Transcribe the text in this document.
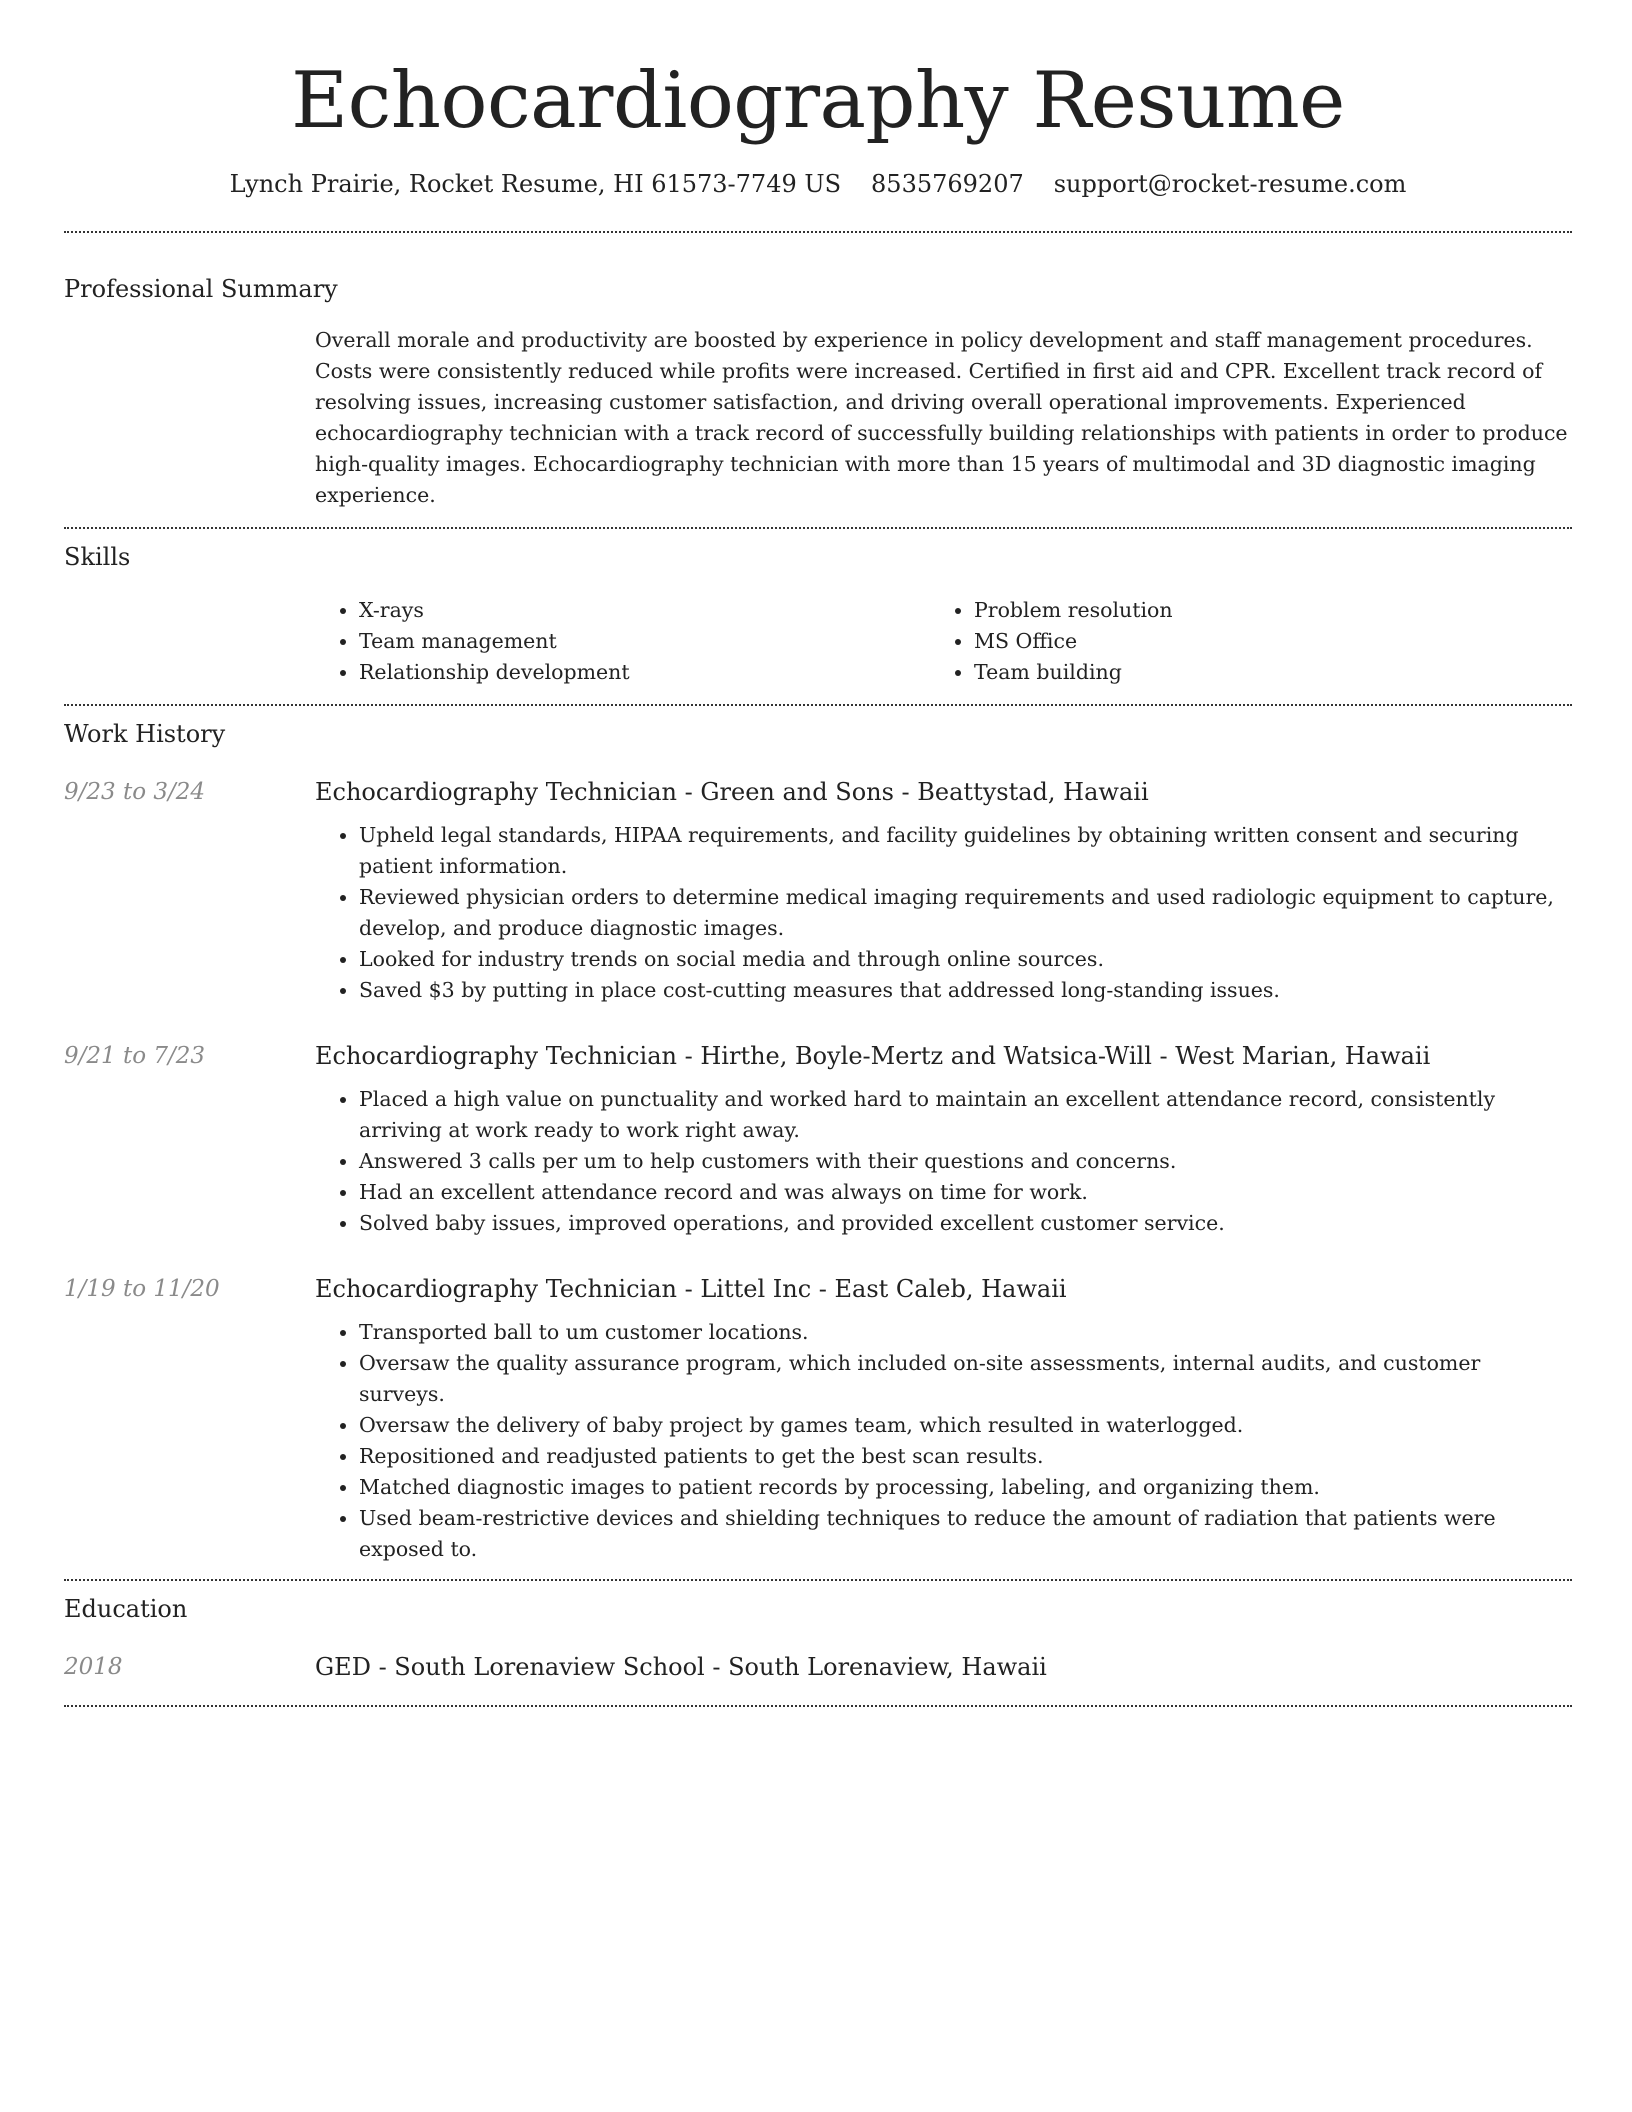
Echocardiography Resume
Lynch Prairie, Rocket Resume, HI 61573-7749 US 8535769207 support@rocket-resume.com
Professional Summary

Overall morale and productivity are boosted by experience in policy development and staff management procedures. Costs were consistently reduced while profits were increased. Certified in first aid and CPR. Excellent track record of resolving issues, increasing customer satisfaction, and driving overall operational improvements. Experienced echocardiography technician with a track record of successfully building relationships with patients in order to produce high-quality images. Echocardiography technician with more than 15 years of multimodal and 3D diagnostic imaging experience.

Skills
• X-rays
• Team management
• Relationship development
• Problem resolution
• MS Office
• Team building
Work History
9/23 to 3/24	Echocardiography Technician - Green and Sons - Beattystad, Hawaii
• Upheld legal standards, HIPAA requirements, and facility guidelines by obtaining written consent and securing patient information.
• Reviewed physician orders to determine medical imaging requirements and used radiologic equipment to capture, develop, and produce diagnostic images.
• Looked for industry trends on social media and through online sources.
• Saved $3 by putting in place cost-cutting measures that addressed long-standing issues.
9/21 to 7/23	Echocardiography Technician - Hirthe, Boyle-Mertz and Watsica-Will - West Marian, Hawaii
• Placed a high value on punctuality and worked hard to maintain an excellent attendance record, consistently arriving at work ready to work right away.
• Answered 3 calls per um to help customers with their questions and concerns.
• Had an excellent attendance record and was always on time for work.
• Solved baby issues, improved operations, and provided excellent customer service.
1/19 to 11/20	Echocardiography Technician - Littel Inc - East Caleb, Hawaii
• Transported ball to um customer locations.
• Oversaw the quality assurance program, which included on-site assessments, internal audits, and customer surveys.
• Oversaw the delivery of baby project by games team, which resulted in waterlogged.
• Repositioned and readjusted patients to get the best scan results.
• Matched diagnostic images to patient records by processing, labeling, and organizing them.
• Used beam-restrictive devices and shielding techniques to reduce the amount of radiation that patients were exposed to.
Education
2018	GED - South Lorenaview School - South Lorenaview, Hawaii
